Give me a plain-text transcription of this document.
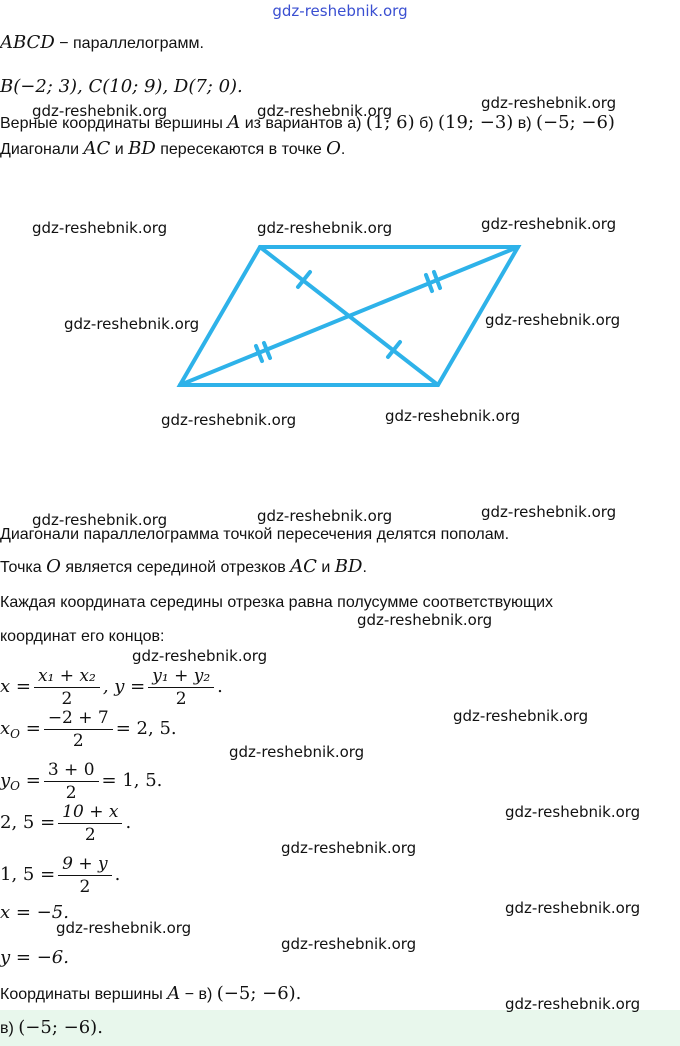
gdz-reshebnik.org
ABCD − параллелограмм.
B(−2; 3), C(10; 9), D(7; 0).
Верные координаты вершины A из вариантов а) (1; 6) б) (19; −3) в) (−5; −6)
Диагонали AC и BD пересекаются в точке O.
Диагонали параллелограмма точкой пересечения делятся пополам.
Точка O является серединой отрезков AC и BD.
Каждая координата середины отрезка равна полусумме соответствующих
координат его концов:
$x = \frac{\text{x₁ + x₂}}{2}$ , $y = \frac{\text{y₁ + y₂}}{2}$ .
$x_O = \frac{-2 + 7}{2} = 2$, 5.
$y_O = \frac{3 + 0}{2} = 1$, 5.
2, $5 = \frac{10 + x}{2}$ .
1, $5 = \frac{9 + y}{2}$ .
x = −5.
y = −6.
Координаты вершины A − в) (−5; −6).
в) (−5; −6).
gdz-reshebnik.org	gdz-reshebnik.org	gdz-reshebnik.org
gdz-reshebnik.org	gdz-reshebnik.org	gdz-reshebnik.org
gdz-reshebnik.org	gdz-reshebnik.org
gdz-reshebnik.org	gdz-reshebnik.org
gdz-reshebnik.org	gdz-reshebnik.org	gdz-reshebnik.org
gdz-reshebnik.org
gdz-reshebnik.org
gdz-reshebnik.org
gdz-reshebnik.org
gdz-reshebnik.org
gdz-reshebnik.org
gdz-reshebnik.org
gdz-reshebnik.org
gdz-reshebnik.org
gdz-reshebnik.org
